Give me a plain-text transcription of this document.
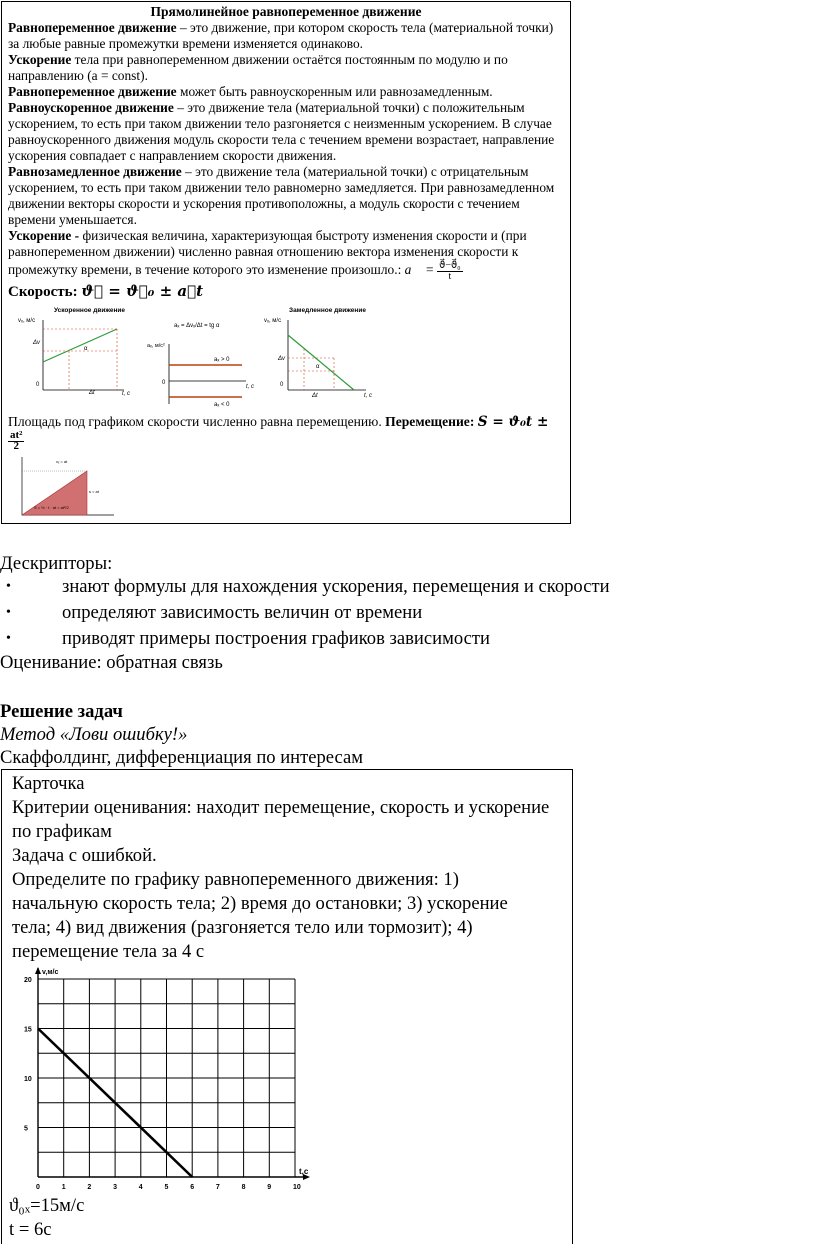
Прямолинейное равнопеременное движение

Равнопеременное движение – это движение, при котором скорость тела (материальной точки) за любые равные промежутки времени изменяется одинаково.

Ускорение тела при равнопеременном движении остаётся постоянным по модулю и по направлению (a = const).

Равнопеременное движение может быть равноускоренным или равнозамедленным.

Равноускоренное движение – это движение тела (материальной точки) с положительным ускорением, то есть при таком движении тело разгоняется с неизменным ускорением. В случае равноускоренного движения модуль скорости тела с течением времени возрастает, направление ускорения совпадает с направлением скорости движения.

Равнозамедленное движение – это движение тела (материальной точки) с отрицательным ускорением, то есть при таком движении тело равномерно замедляется. При равнозамедленном движении векторы скорости и ускорения противоположны, а модуль скорости с течением времени уменьшается.

Ускорение - физическая величина, характеризующая быстроту изменения скорости и (при равнопеременном движении) численно равная отношению вектора изменения скорости к промежутку времени, в течение которого это изменение произошло.: a⃗ = $\frac{\text{ϑ⃗−ϑ⃗₀}}{t}$

Скорость: ϑ⃗ = ϑ⃗₀ ± a⃗t
Ускоренное движение
vₓ, м/с
Δv
Δt
α
0
t, с
aₓ = Δvₓ/Δt = tg α
aₓ, м/с²
aₓ > 0
aₓ < 0
0
t, с
Замедленное движение
vₓ, м/с
Δv
Δt
α
0
t, с
Площадь под графиком скорости численно равна перемещению. Перемещение: S = ϑ₀t ±
$\frac{\text{at²}}{2}$
vₓ = at
s = at
S = ½ · t · at = at²/2
Дескрипторы:
•	знают формулы для нахождения ускорения, перемещения и скорости
•	определяют зависимость величин от времени
•	приводят примеры построения графиков зависимости
Оценивание: обратная связь
Решение задач
Метод «Лови ошибку!»
Скаффолдинг, дифференциация по интересам

Карточка

Критерии оценивания: находит перемещение, скорость и ускорение по графикам

Задача с ошибкой.

Определите по графику равнопеременного движения: 1) начальную скорость тела; 2) время до остановки; 3) ускорение тела; 4) вид движения (разгоняется тело или тормозит); 4) перемещение тела за 4 с

0	1	2	3	4	5	6	7	8	9	10
5
10
15
20
t,c
v,м/с
ϑ₀ₓ=15м/с
t = 6с
